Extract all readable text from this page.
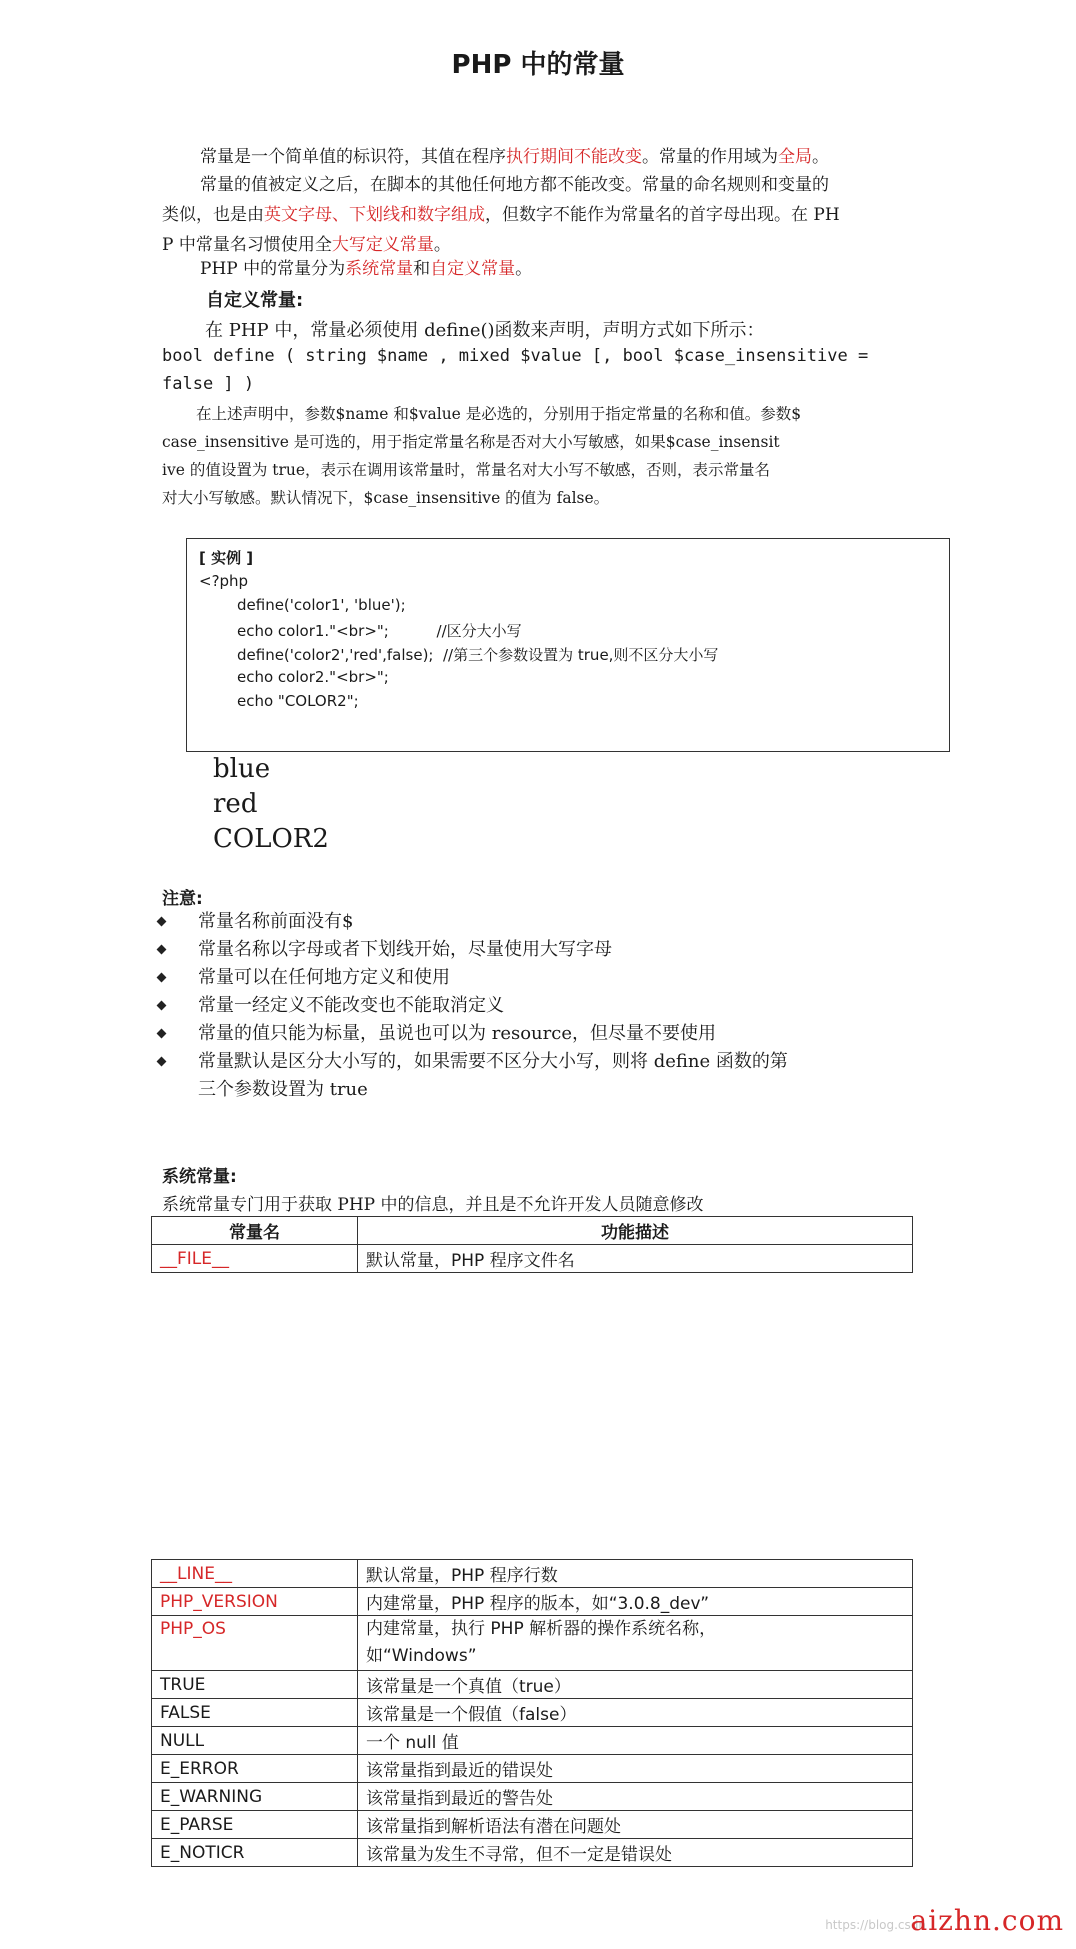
PHP 中的常量
常量是一个简单值的标识符，其值在程序执行期间不能改变。常量的作用域为全局。
常量的值被定义之后，在脚本的其他任何地方都不能改变。常量的命名规则和变量的
类似，也是由英文字母、下划线和数字组成，但数字不能作为常量名的首字母出现。在 PH
P 中常量名习惯使用全大写定义常量。
PHP 中的常量分为系统常量和自定义常量。
自定义常量:
在 PHP 中，常量必须使用 define()函数来声明，声明方式如下所示：
bool define ( string $name , mixed $value [, bool $case_insensitive =
false ] )
在上述声明中，参数$name 和$value 是必选的，分别用于指定常量的名称和值。参数$
case_insensitive 是可选的，用于指定常量名称是否对大小写敏感，如果$case_insensit
ive 的值设置为 true，表示在调用该常量时，常量名对大小写不敏感，否则，表示常量名
对大小写敏感。默认情况下，$case_insensitive 的值为 false。
[ 实例 ]
<?php
define('color1', 'blue');
echo color1."<br>";          //区分大小写
define('color2','red',false);  //第三个参数设置为 true,则不区分大小写
echo color2."<br>";
echo "COLOR2";
blue
red
COLOR2
注意:
常量名称前面没有$
常量名称以字母或者下划线开始，尽量使用大写字母
常量可以在任何地方定义和使用
常量一经定义不能改变也不能取消定义
常量的值只能为标量，虽说也可以为 resource，但尽量不要使用
常量默认是区分大小写的，如果需要不区分大小写，则将 define 函数的第
三个参数设置为 true
系统常量:
系统常量专门用于获取 PHP 中的信息，并且是不允许开发人员随意修改
常量名	功能描述
__FILE__	默认常量，PHP 程序文件名
__LINE__	默认常量，PHP 程序行数
PHP_VERSION	内建常量，PHP 程序的版本，如“3.0.8_dev”
PHP_OS	内建常量，执行 PHP 解析器的操作系统名称，
如“Windows”
TRUE	该常量是一个真值（true）
FALSE	该常量是一个假值（false）
NULL	一个 null 值
E_ERROR	该常量指到最近的错误处
E_WARNING	该常量指到最近的警告处
E_PARSE	该常量指到解析语法有潜在问题处
E_NOTICR	该常量为发生不寻常，但不一定是错误处
https://blog.csdn
aizhn.com
